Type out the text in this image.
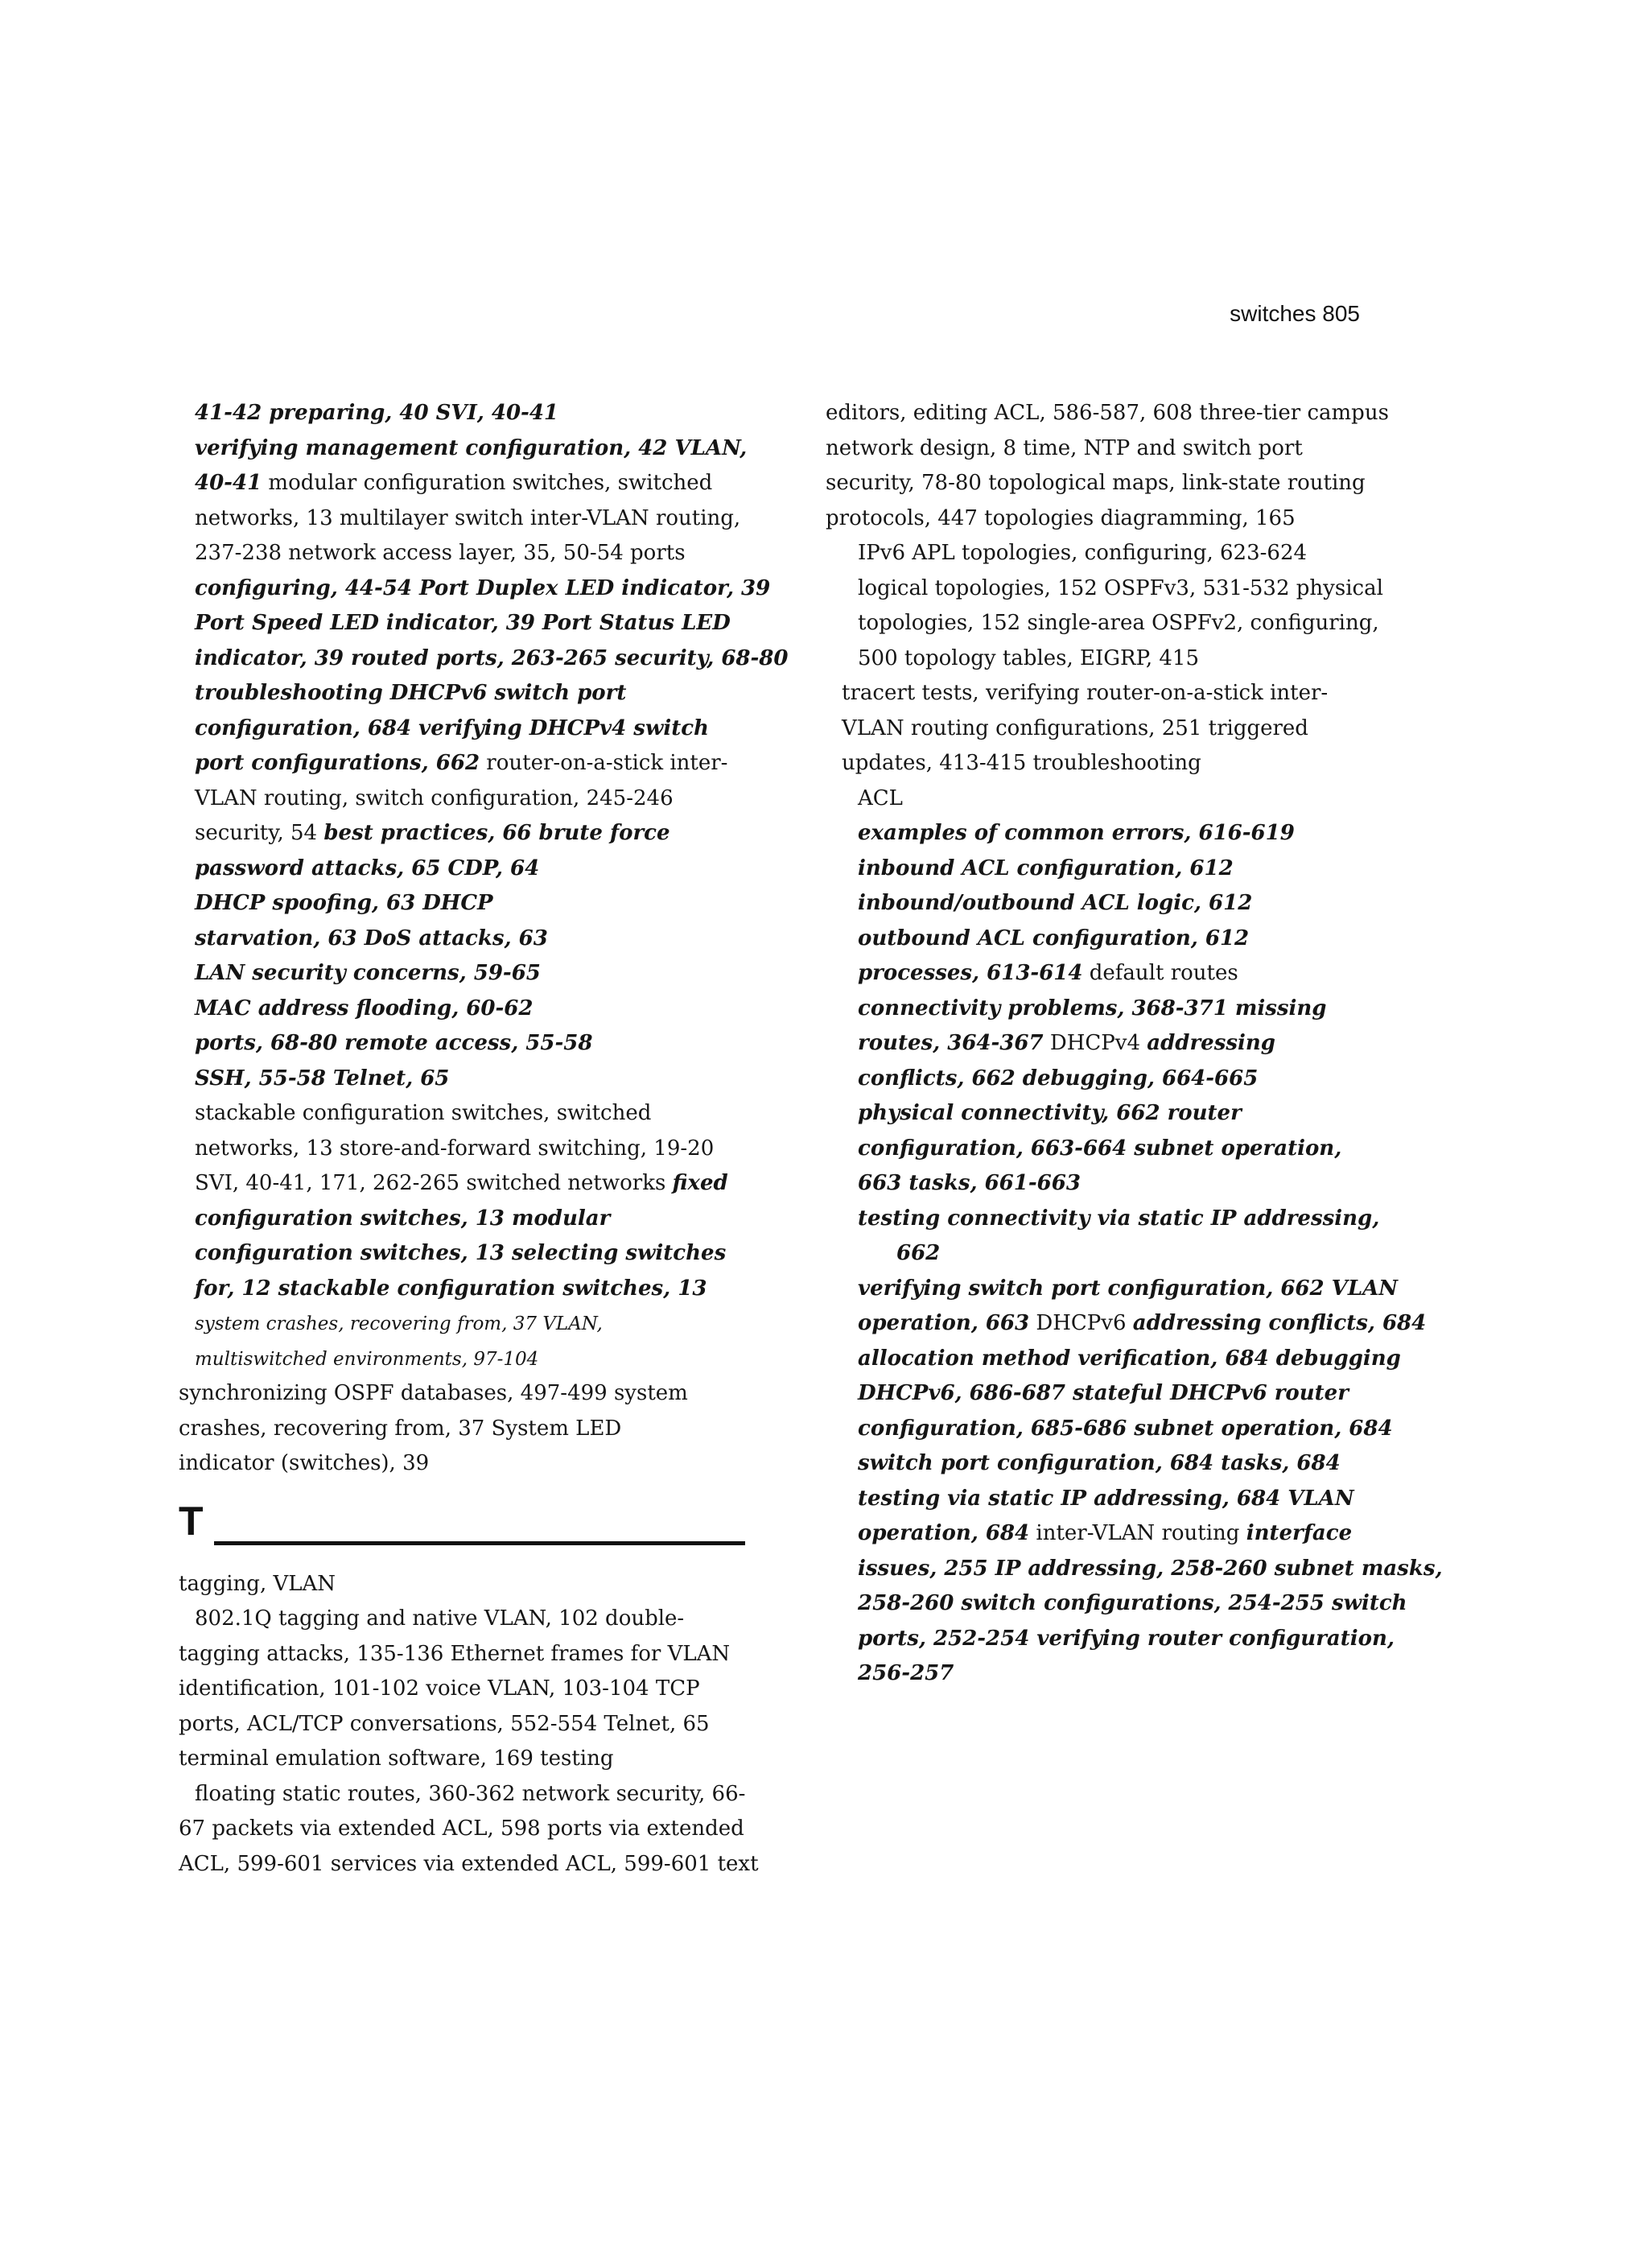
switches 805
41-42 preparing, 40 SVI, 40-41
verifying management configuration, 42 VLAN,
40-41 modular configuration switches, switched
networks, 13 multilayer switch inter-VLAN routing,
237-238 network access layer, 35, 50-54 ports
configuring, 44-54 Port Duplex LED indicator, 39
Port Speed LED indicator, 39 Port Status LED
indicator, 39 routed ports, 263-265 security, 68-80
troubleshooting DHCPv6 switch port
configuration, 684 verifying DHCPv4 switch
port configurations, 662 router-on-a-stick inter-
VLAN routing, switch configuration, 245-246
security, 54 best practices, 66 brute force
password attacks, 65 CDP, 64
DHCP spoofing, 63 DHCP
starvation, 63 DoS attacks, 63
LAN security concerns, 59-65
MAC address flooding, 60-62
ports, 68-80 remote access, 55-58
SSH, 55-58 Telnet, 65
stackable configuration switches, switched
networks, 13 store-and-forward switching, 19-20
SVI, 40-41, 171, 262-265 switched networks fixed
configuration switches, 13 modular
configuration switches, 13 selecting switches
for, 12 stackable configuration switches, 13
system crashes, recovering from, 37 VLAN,
multiswitched environments, 97-104
synchronizing OSPF databases, 497-499 system
crashes, recovering from, 37 System LED
indicator (switches), 39
T
tagging, VLAN
802.1Q tagging and native VLAN, 102 double-
tagging attacks, 135-136 Ethernet frames for VLAN
identification, 101-102 voice VLAN, 103-104 TCP
ports, ACL/TCP conversations, 552-554 Telnet, 65
terminal emulation software, 169 testing
floating static routes, 360-362 network security, 66-
67 packets via extended ACL, 598 ports via extended
ACL, 599-601 services via extended ACL, 599-601 text
editors, editing ACL, 586-587, 608 three-tier campus
network design, 8 time, NTP and switch port
security, 78-80 topological maps, link-state routing
protocols, 447 topologies diagramming, 165
IPv6 APL topologies, configuring, 623-624
logical topologies, 152 OSPFv3, 531-532 physical
topologies, 152 single-area OSPFv2, configuring,
500 topology tables, EIGRP, 415
tracert tests, verifying router-on-a-stick inter-
VLAN routing configurations, 251 triggered
updates, 413-415 troubleshooting
ACL
examples of common errors, 616-619
inbound ACL configuration, 612
inbound/outbound ACL logic, 612
outbound ACL configuration, 612
processes, 613-614 default routes
connectivity problems, 368-371 missing
routes, 364-367 DHCPv4 addressing
conflicts, 662 debugging, 664-665
physical connectivity, 662 router
configuration, 663-664 subnet operation,
663 tasks, 661-663
testing connectivity via static IP addressing,
662
verifying switch port configuration, 662 VLAN
operation, 663 DHCPv6 addressing conflicts, 684
allocation method verification, 684 debugging
DHCPv6, 686-687 stateful DHCPv6 router
configuration, 685-686 subnet operation, 684
switch port configuration, 684 tasks, 684
testing via static IP addressing, 684 VLAN
operation, 684 inter-VLAN routing interface
issues, 255 IP addressing, 258-260 subnet masks,
258-260 switch configurations, 254-255 switch
ports, 252-254 verifying router configuration,
256-257
